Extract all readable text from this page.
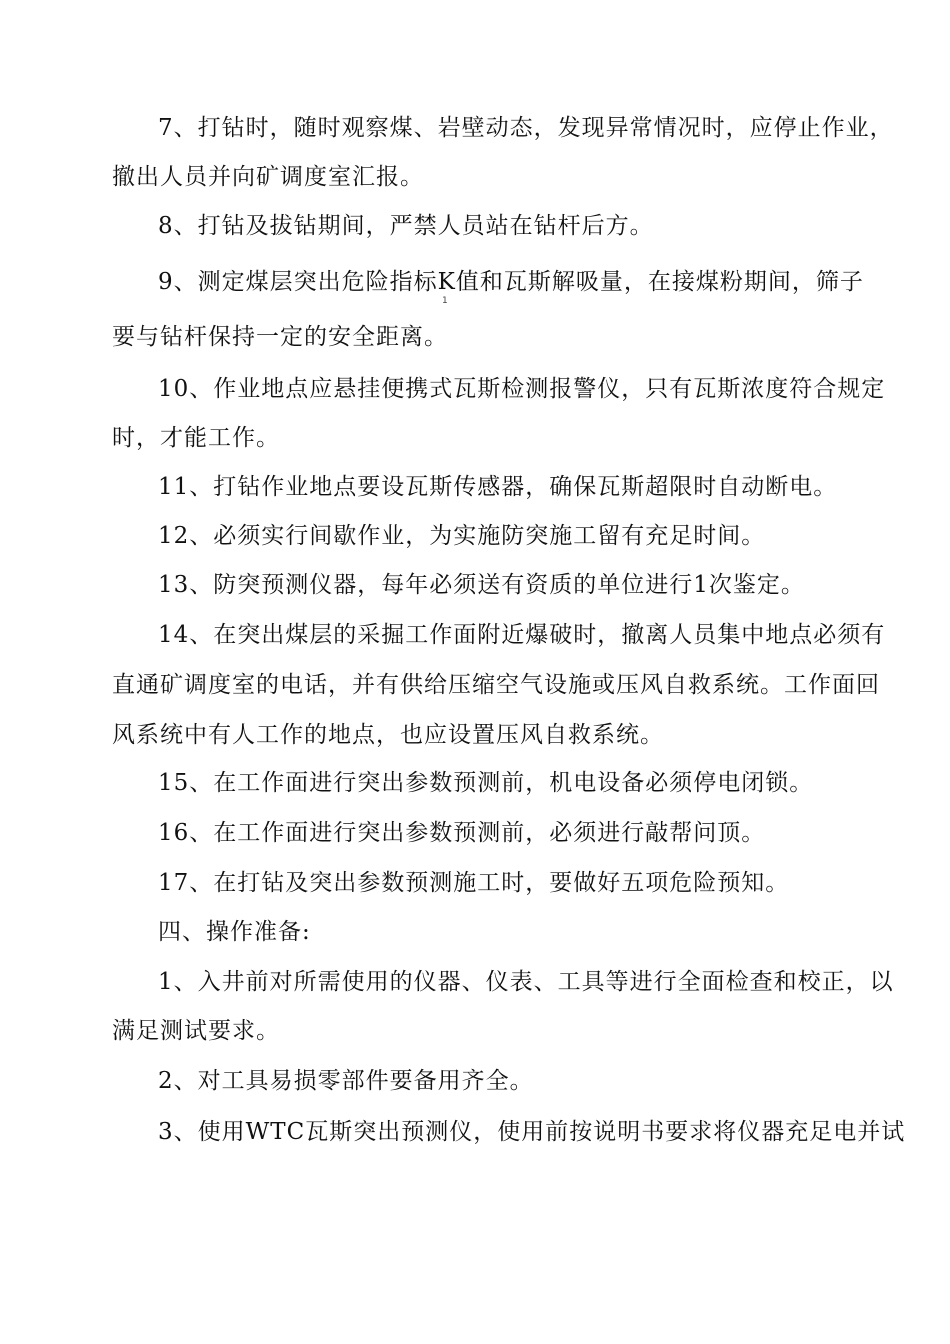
7、打钻时，随时观察煤、岩壁动态，发现异常情况时，应停止作业，

撤出人员并向矿调度室汇报。

8、打钻及拔钻期间，严禁人员站在钻杆后方。

9、测定煤层突出危险指标K值和瓦斯解吸量，在接煤粉期间，筛子

1

要与钻杆保持一定的安全距离。

10、作业地点应悬挂便携式瓦斯检测报警仪，只有瓦斯浓度符合规定

时，才能工作。

11、打钻作业地点要设瓦斯传感器，确保瓦斯超限时自动断电。

12、必须实行间歇作业，为实施防突施工留有充足时间。

13、防突预测仪器，每年必须送有资质的单位进行1次鉴定。

14、在突出煤层的采掘工作面附近爆破时，撤离人员集中地点必须有

直通矿调度室的电话，并有供给压缩空气设施或压风自救系统。工作面回

风系统中有人工作的地点，也应设置压风自救系统。

15、在工作面进行突出参数预测前，机电设备必须停电闭锁。

16、在工作面进行突出参数预测前，必须进行敲帮问顶。

17、在打钻及突出参数预测施工时，要做好五项危险预知。

四、操作准备:

1、入井前对所需使用的仪器、仪表、工具等进行全面检查和校正，以

满足测试要求。

2、对工具易损零部件要备用齐全。

3、使用WTC瓦斯突出预测仪，使用前按说明书要求将仪器充足电并试
